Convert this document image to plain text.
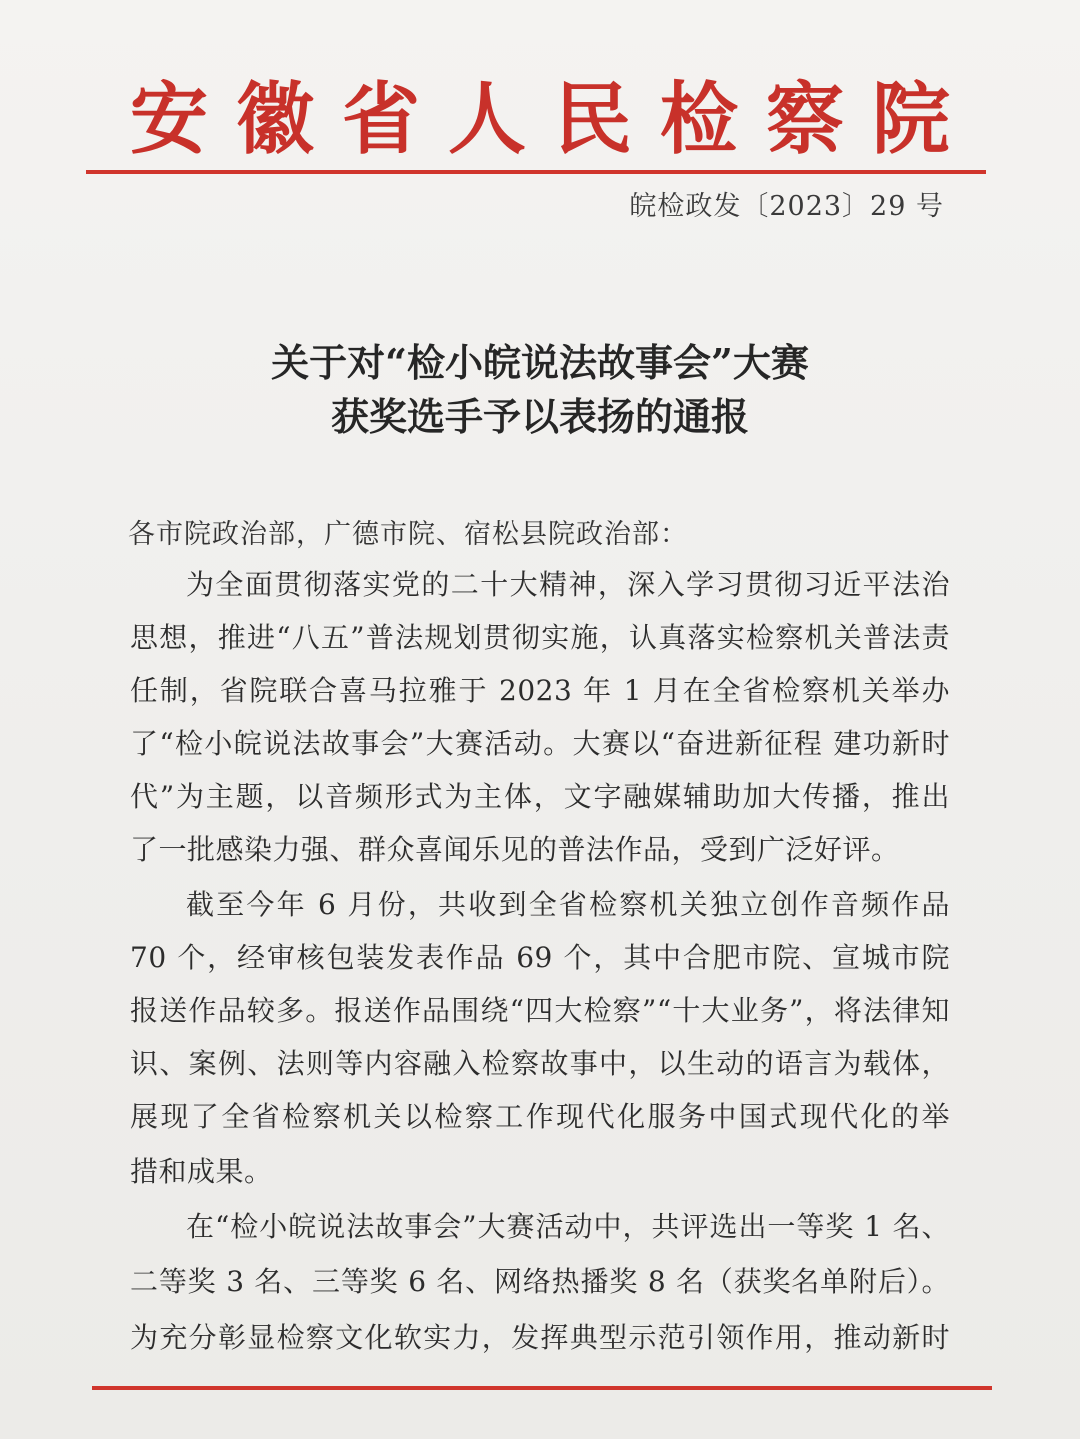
安 徽 省 人 民 检 察 院
皖检政发〔2023〕29 号
关于对“检小皖说法故事会”大赛
获奖选手予以表扬的通报
各市院政治部，广德市院、宿松县院政治部：
为全面贯彻落实党的二十大精神，深入学习贯彻习近平法治
思想，推进“八五”普法规划贯彻实施，认真落实检察机关普法责
任制，省院联合喜马拉雅于 2023 年 1 月在全省检察机关举办
了“检小皖说法故事会”大赛活动。大赛以“奋进新征程 建功新时
代”为主题，以音频形式为主体，文字融媒辅助加大传播，推出
了一批感染力强、群众喜闻乐见的普法作品，受到广泛好评。
截至今年 6 月份，共收到全省检察机关独立创作音频作品
70 个，经审核包装发表作品 69 个，其中合肥市院、宣城市院
报送作品较多。报送作品围绕“四大检察”“十大业务”，将法律知
识、案例、法则等内容融入检察故事中，以生动的语言为载体，
展现了全省检察机关以检察工作现代化服务中国式现代化的举
措和成果。
在“检小皖说法故事会”大赛活动中，共评选出一等奖 1 名、
二等奖 3 名、三等奖 6 名、网络热播奖 8 名（获奖名单附后）。
为充分彰显检察文化软实力，发挥典型示范引领作用，推动新时
